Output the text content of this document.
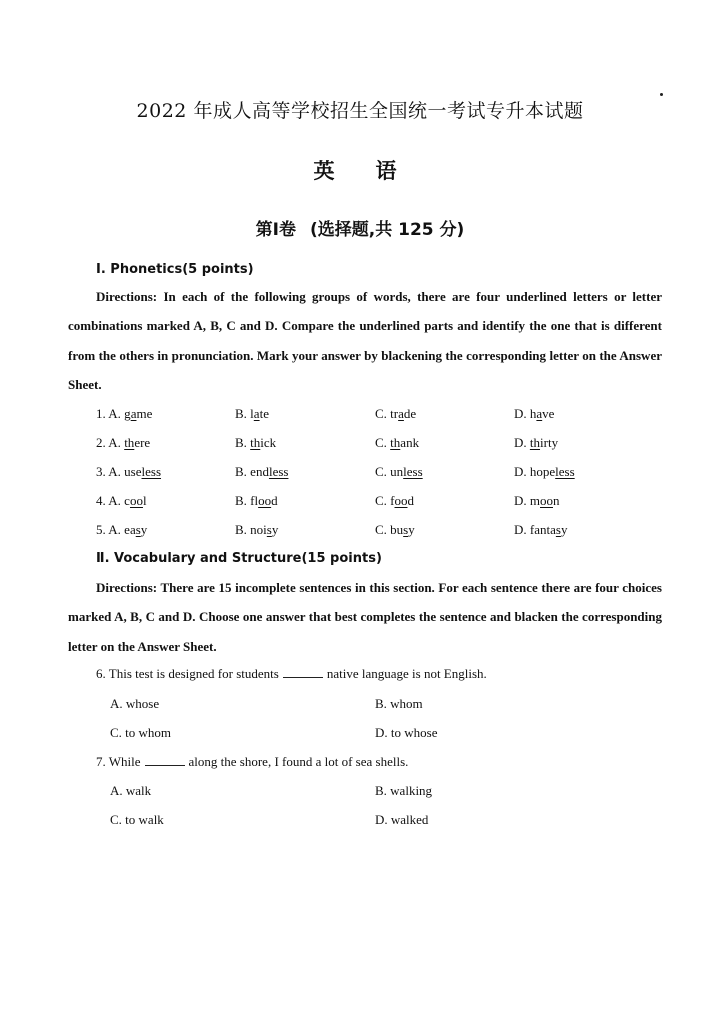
2022 年成人高等学校招生全国统一考试专升本试题
英　语
第Ⅰ卷 (选择题,共 125 分)
Ⅰ. Phonetics(5 points)
Directions: In each of the following groups of words, there are four underlined letters or letter combinations marked A, B, C and D. Compare the underlined parts and identify the one that is different from the others in pronunciation. Mark your answer by blackening the corresponding letter on the Answer Sheet.
1. A. game	B. late	C. trade	D. have
2. A. there	B. thick	C. thank	D. thirty
3. A. useless	B. endless	C. unless	D. hopeless
4. A. cool	B. flood	C. food	D. moon
5. A. easy	B. noisy	C. busy	D. fantasy
Ⅱ. Vocabulary and Structure(15 points)
Directions: There are 15 incomplete sentences in this section. For each sentence there are four choices marked A, B, C and D. Choose one answer that best completes the sentence and blacken the corresponding letter on the Answer Sheet.
6. This test is designed for students	native language is not English.
A. whose	B. whom
C. to whom	D. to whose
7. While	along the shore, I found a lot of sea shells.
A. walk	B. walking
C. to walk	D. walked
